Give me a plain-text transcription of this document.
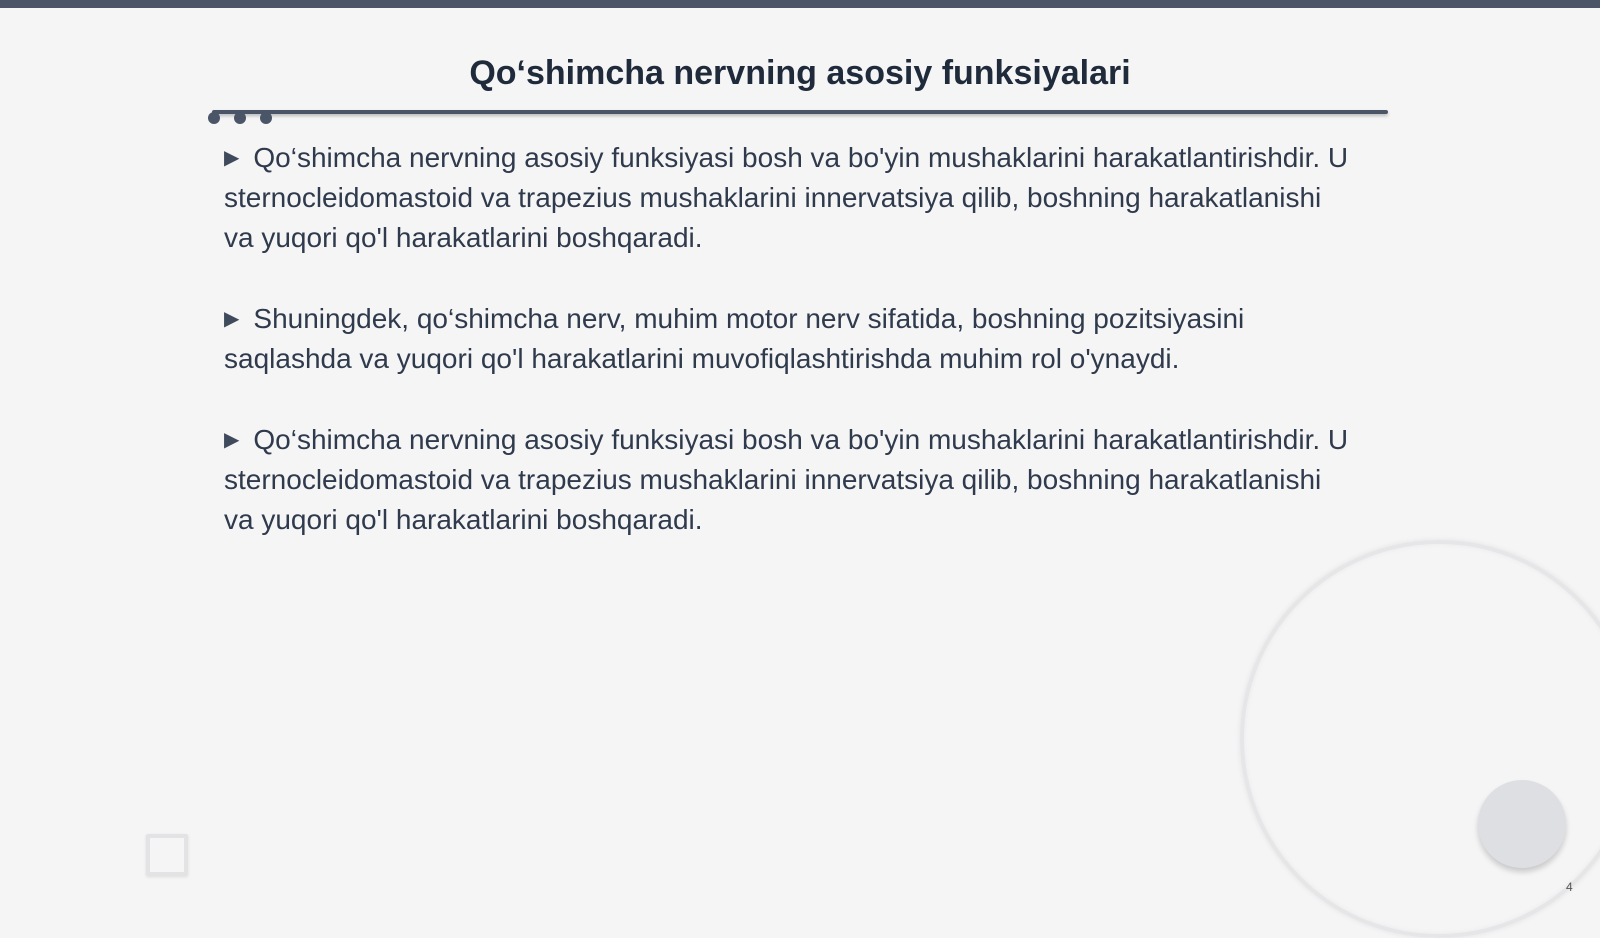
Qo‘shimcha nervning asosiy funksiyalari

▶ Qo‘shimcha nervning asosiy funksiyasi bosh va bo'yin mushaklarini harakatlantirishdir. U sternocleidomastoid va trapezius mushaklarini innervatsiya qilib, boshning harakatlanishi va yuqori qo'l harakatlarini boshqaradi.

▶ Shuningdek, qo‘shimcha nerv, muhim motor nerv sifatida, boshning pozitsiyasini saqlashda va yuqori qo'l harakatlarini muvofiqlashtirishda muhim rol o'ynaydi.

▶ Qo‘shimcha nervning asosiy funksiyasi bosh va bo'yin mushaklarini harakatlantirishdir. U sternocleidomastoid va trapezius mushaklarini innervatsiya qilib, boshning harakatlanishi va yuqori qo'l harakatlarini boshqaradi.

4
